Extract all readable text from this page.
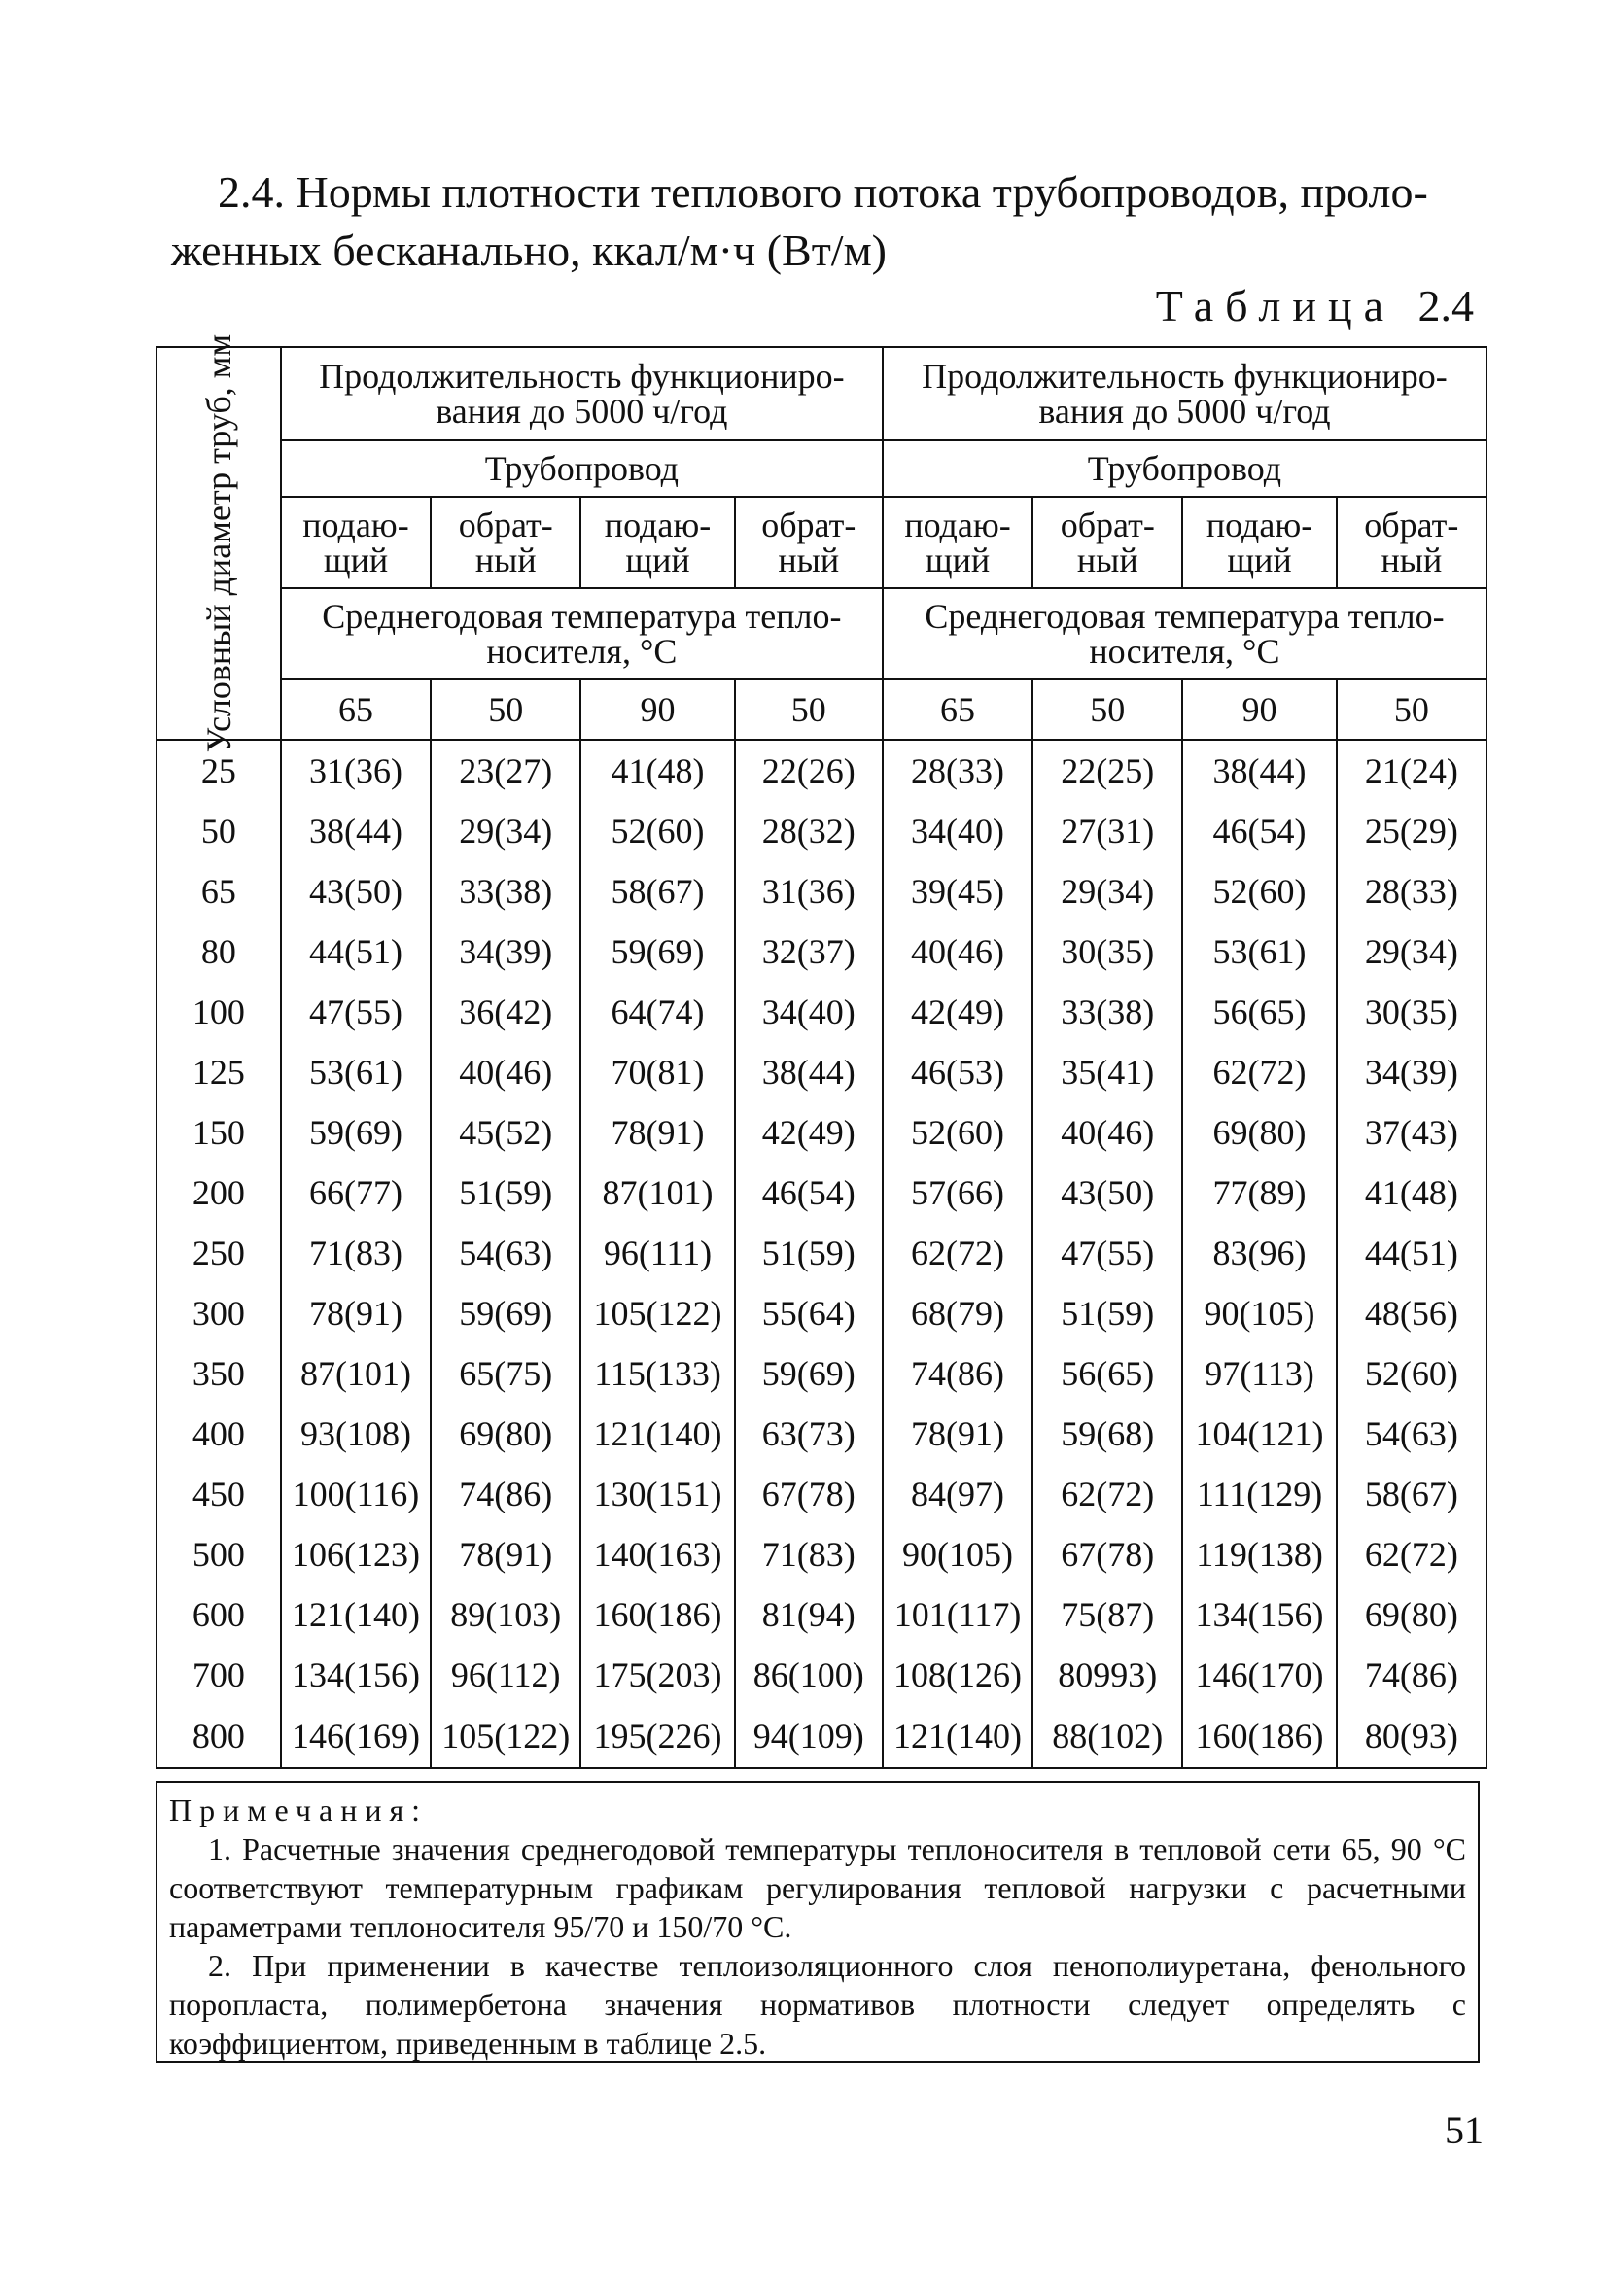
2.4. Нормы плотности теплового потока трубопроводов, проло-
женных бесканально, ккал/м·ч (Вт/м)
Таблица 2.4
Условный диаметр труб, мм	Продолжительность функциониро-вания до 5000 ч/год				Продолжительность функциониро-вания до 5000 ч/год			
	Трубопровод				Трубопровод			
	подаю-щий	обрат-ный	подаю-щий	обрат-ный	подаю-щий	обрат-ный	подаю-щий	обрат-ный
	Среднегодовая температура тепло-носителя, °С				Среднегодовая температура тепло-носителя, °С			
	65	50	90	50	65	50	90	50
25	31(36)	23(27)	41(48)	22(26)	28(33)	22(25)	38(44)	21(24)
50	38(44)	29(34)	52(60)	28(32)	34(40)	27(31)	46(54)	25(29)
65	43(50)	33(38)	58(67)	31(36)	39(45)	29(34)	52(60)	28(33)
80	44(51)	34(39)	59(69)	32(37)	40(46)	30(35)	53(61)	29(34)
100	47(55)	36(42)	64(74)	34(40)	42(49)	33(38)	56(65)	30(35)
125	53(61)	40(46)	70(81)	38(44)	46(53)	35(41)	62(72)	34(39)
150	59(69)	45(52)	78(91)	42(49)	52(60)	40(46)	69(80)	37(43)
200	66(77)	51(59)	87(101)	46(54)	57(66)	43(50)	77(89)	41(48)
250	71(83)	54(63)	96(111)	51(59)	62(72)	47(55)	83(96)	44(51)
300	78(91)	59(69)	105(122)	55(64)	68(79)	51(59)	90(105)	48(56)
350	87(101)	65(75)	115(133)	59(69)	74(86)	56(65)	97(113)	52(60)
400	93(108)	69(80)	121(140)	63(73)	78(91)	59(68)	104(121)	54(63)
450	100(116)	74(86)	130(151)	67(78)	84(97)	62(72)	111(129)	58(67)
500	106(123)	78(91)	140(163)	71(83)	90(105)	67(78)	119(138)	62(72)
600	121(140)	89(103)	160(186)	81(94)	101(117)	75(87)	134(156)	69(80)
700	134(156)	96(112)	175(203)	86(100)	108(126)	80993)	146(170)	74(86)
800	146(169)	105(122)	195(226)	94(109)	121(140)	88(102)	160(186)	80(93)
Примечания:

1. Расчетные значения среднегодовой температуры теплоносителя в тепловой сети 65, 90 °С соответствуют температурным графикам регулирования тепловой нагрузки с расчетными параметрами теплоносителя 95/70 и 150/70 °С.

2. При применении в качестве теплоизоляционного слоя пенополиуретана, фенольного поропласта, полимербетона значения нормативов плотности следует определять с коэффициентом, приведенным в таблице 2.5.

51
